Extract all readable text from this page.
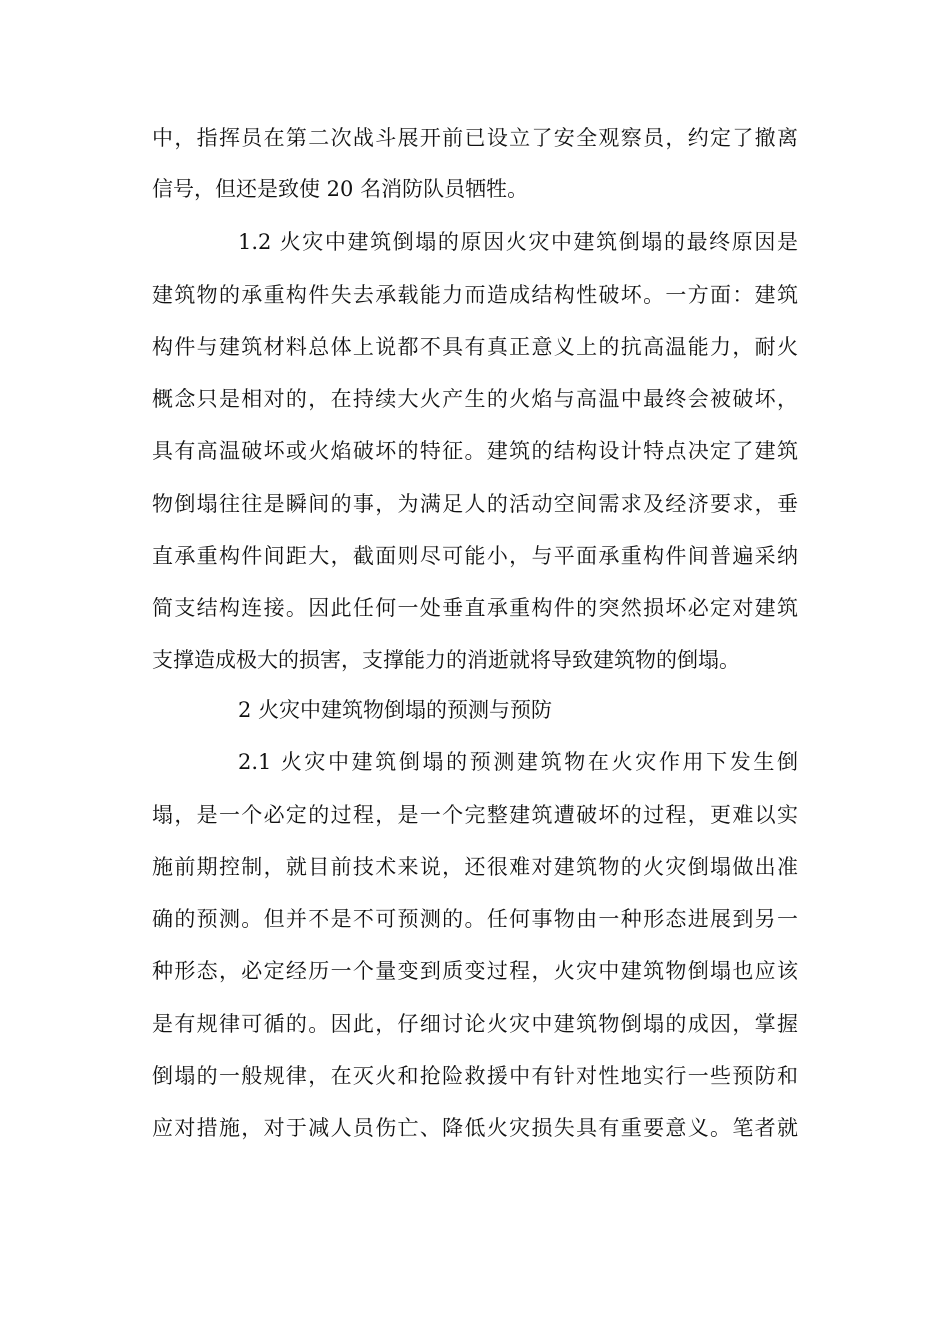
中，指挥员在第二次战斗展开前已设立了安全观察员，约定了撤离
信号，但还是致使 20 名消防队员牺牲。
1.2 火灾中建筑倒塌的原因火灾中建筑倒塌的最终原因是
建筑物的承重构件失去承载能力而造成结构性破坏。一方面：建筑
构件与建筑材料总体上说都不具有真正意义上的抗高温能力，耐火
概念只是相对的，在持续大火产生的火焰与高温中最终会被破坏，
具有高温破坏或火焰破坏的特征。建筑的结构设计特点决定了建筑
物倒塌往往是瞬间的事，为满足人的活动空间需求及经济要求，垂
直承重构件间距大，截面则尽可能小，与平面承重构件间普遍采纳
简支结构连接。因此任何一处垂直承重构件的突然损坏必定对建筑
支撑造成极大的损害，支撑能力的消逝就将导致建筑物的倒塌。
2 火灾中建筑物倒塌的预测与预防
2.1 火灾中建筑倒塌的预测建筑物在火灾作用下发生倒
塌，是一个必定的过程，是一个完整建筑遭破坏的过程，更难以实
施前期控制，就目前技术来说，还很难对建筑物的火灾倒塌做出准
确的预测。但并不是不可预测的。任何事物由一种形态进展到另一
种形态，必定经历一个量变到质变过程，火灾中建筑物倒塌也应该
是有规律可循的。因此，仔细讨论火灾中建筑物倒塌的成因，掌握
倒塌的一般规律，在灭火和抢险救援中有针对性地实行一些预防和
应对措施，对于减人员伤亡、降低火灾损失具有重要意义。笔者就
